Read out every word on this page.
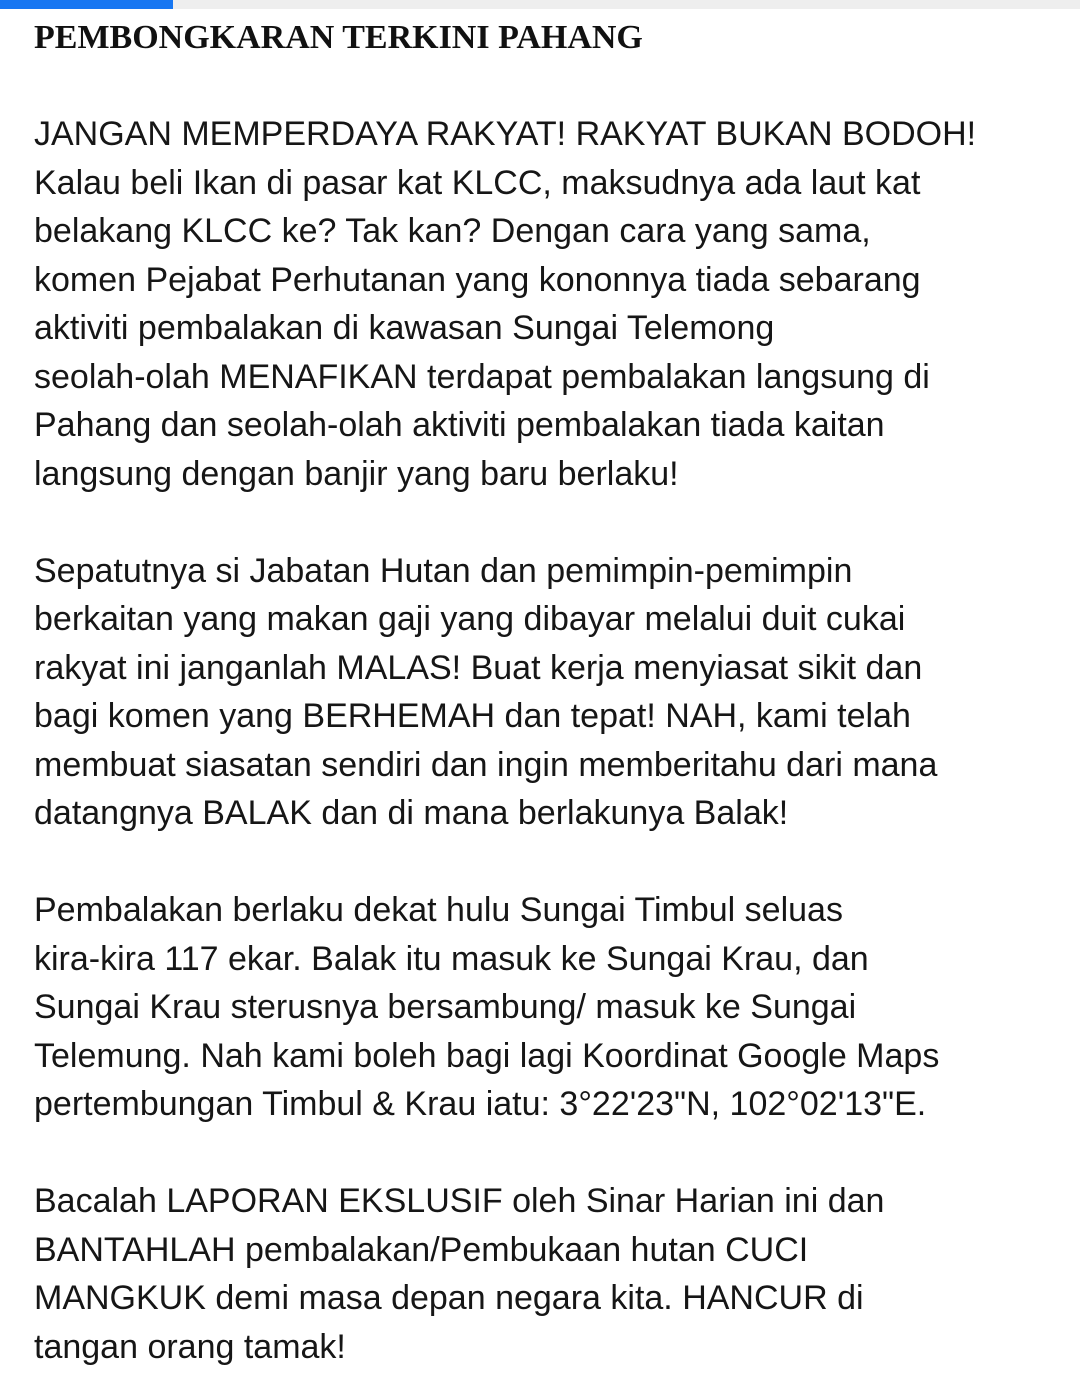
PEMBONGKARAN TERKINI PAHANG

JANGAN MEMPERDAYA RAKYAT! RAKYAT BUKAN BODOH!
Kalau beli Ikan di pasar kat KLCC, maksudnya ada laut kat
belakang KLCC ke? Tak kan? Dengan cara yang sama,
komen Pejabat Perhutanan yang kononnya tiada sebarang
aktiviti pembalakan di kawasan Sungai Telemong
seolah-olah MENAFIKAN terdapat pembalakan langsung di
Pahang dan seolah-olah aktiviti pembalakan tiada kaitan
langsung dengan banjir yang baru berlaku!

Sepatutnya si Jabatan Hutan dan pemimpin-pemimpin
berkaitan yang makan gaji yang dibayar melalui duit cukai
rakyat ini janganlah MALAS! Buat kerja menyiasat sikit dan
bagi komen yang BERHEMAH dan tepat! NAH, kami telah
membuat siasatan sendiri dan ingin memberitahu dari mana
datangnya BALAK dan di mana berlakunya Balak!

Pembalakan berlaku dekat hulu Sungai Timbul seluas
kira-kira 117 ekar. Balak itu masuk ke Sungai Krau, dan
Sungai Krau sterusnya bersambung/ masuk ke Sungai
Telemung. Nah kami boleh bagi lagi Koordinat Google Maps
pertembungan Timbul & Krau iatu: 3°22'23"N, 102°02'13"E.

Bacalah LAPORAN EKSLUSIF oleh Sinar Harian ini dan
BANTAHLAH pembalakan/Pembukaan hutan CUCI
MANGKUK demi masa depan negara kita. HANCUR di
tangan orang tamak!
